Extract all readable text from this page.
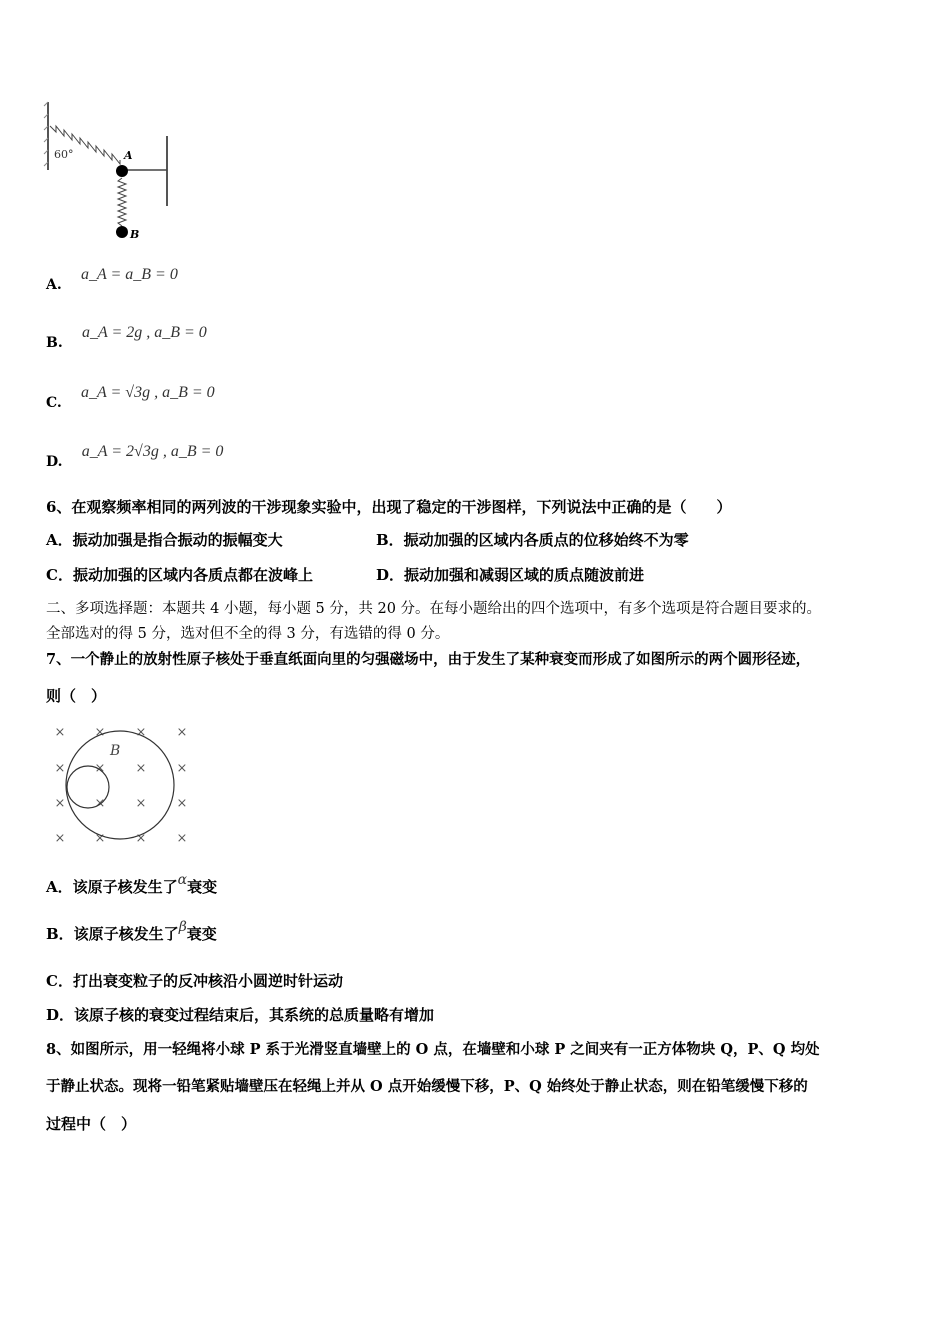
60°	A
B
A. a_A = a_B = 0
B. a_A = 2g , a_B = 0
C. a_A = √3g , a_B = 0
D. a_A = 2√3g , a_B = 0
6、在观察频率相同的两列波的干涉现象实验中，出现了稳定的干涉图样，下列说法中正确的是（　　）
A．振动加强是指合振动的振幅变大	B．振动加强的区域内各质点的位移始终不为零
C．振动加强的区域内各质点都在波峰上	D．振动加强和减弱区域的质点随波前进
二、多项选择题：本题共 4 小题，每小题 5 分，共 20 分。在每小题给出的四个选项中，有多个选项是符合题目要求的。
全部选对的得 5 分，选对但不全的得 3 分，有选错的得 0 分。
7、一个静止的放射性原子核处于垂直纸面向里的匀强磁场中，由于发生了某种衰变而形成了如图所示的两个圆形径迹，
则（　）
× × × ×
× × × ×
× × × ×
× × × ×
B
A．该原子核发生了α衰变
B．该原子核发生了β衰变
C．打出衰变粒子的反冲核沿小圆逆时针运动
D．该原子核的衰变过程结束后，其系统的总质量略有增加
8、如图所示，用一轻绳将小球 P 系于光滑竖直墙壁上的 O 点，在墙壁和小球 P 之间夹有一正方体物块 Q，P、Q 均处
于静止状态。现将一铅笔紧贴墙壁压在轻绳上并从 O 点开始缓慢下移，P、Q 始终处于静止状态，则在铅笔缓慢下移的
过程中（　）
